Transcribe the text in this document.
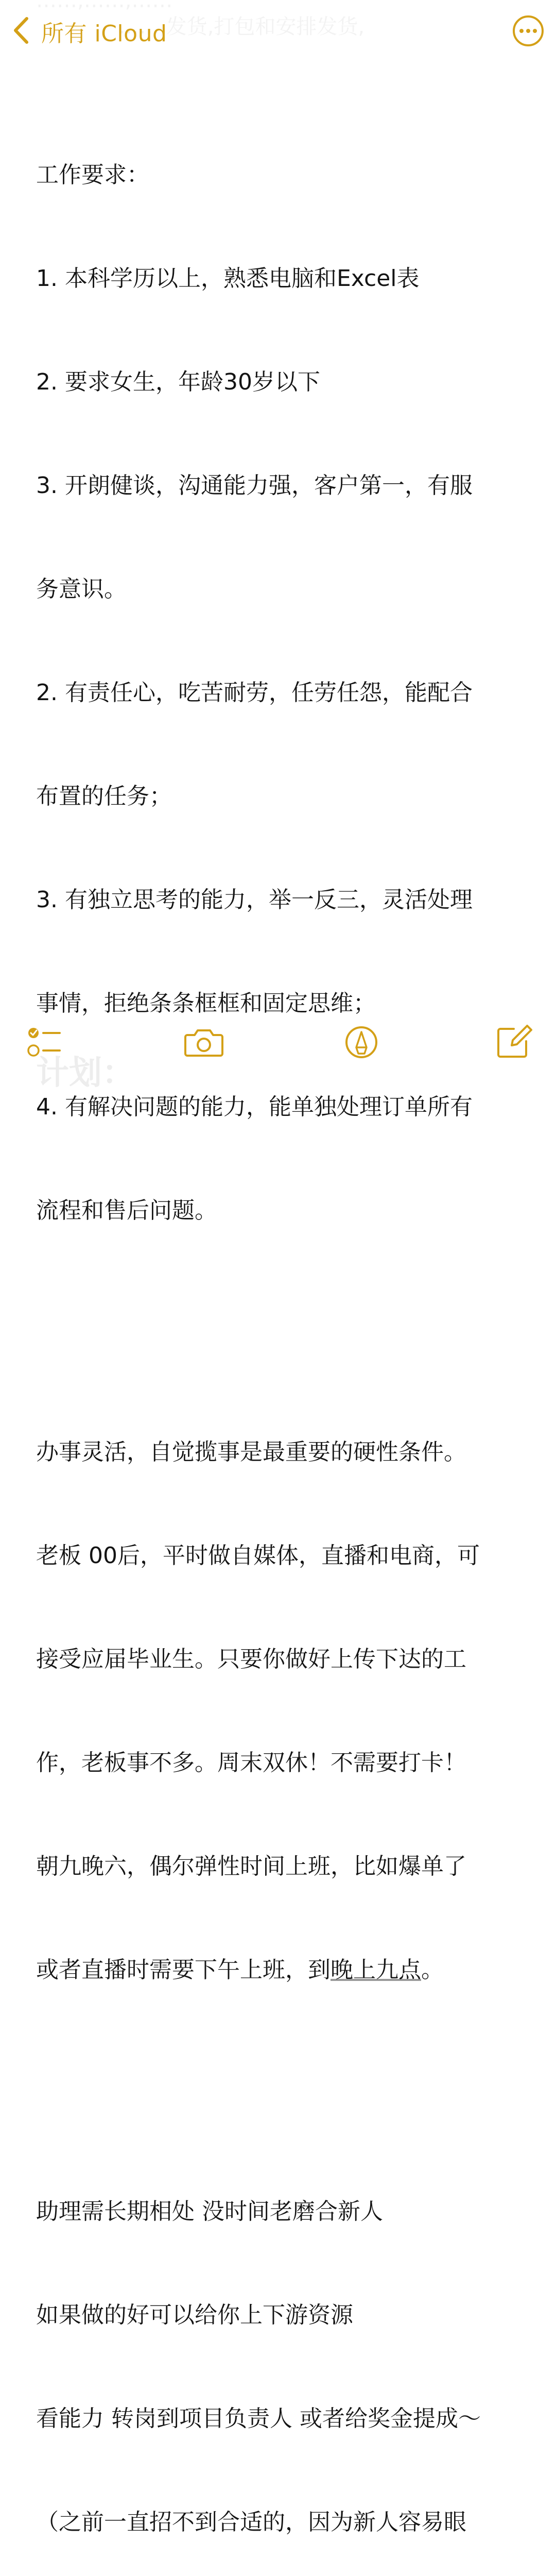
……,……,……
……,发货,打包和安排发货,
所有 iCloud

工作要求：

1. 本科学历以上，熟悉电脑和Excel表

2. 要求女生，年龄30岁以下

3. 开朗健谈，沟通能力强，客户第一，有服

务意识。

2. 有责任心，吃苦耐劳，任劳任怨，能配合

布置的任务；

3. 有独立思考的能力，举一反三，灵活处理

事情，拒绝条条框框和固定思维；

4. 有解决问题的能力，能单独处理订单所有

流程和售后问题。

办事灵活，自觉揽事是最重要的硬性条件。

老板 00后，平时做自媒体，直播和电商，可

接受应届毕业生。只要你做好上传下达的工

作，老板事不多。周末双休！不需要打卡！

朝九晚六，偶尔弹性时间上班，比如爆单了

或者直播时需要下午上班，到晚上九点。

助理需长期相处 没时间老磨合新人

如果做的好可以给你上下游资源

看能力 转岗到项目负责人 或者给奖金提成～

（之前一直招不到合适的，因为新人容易眼

计划：
